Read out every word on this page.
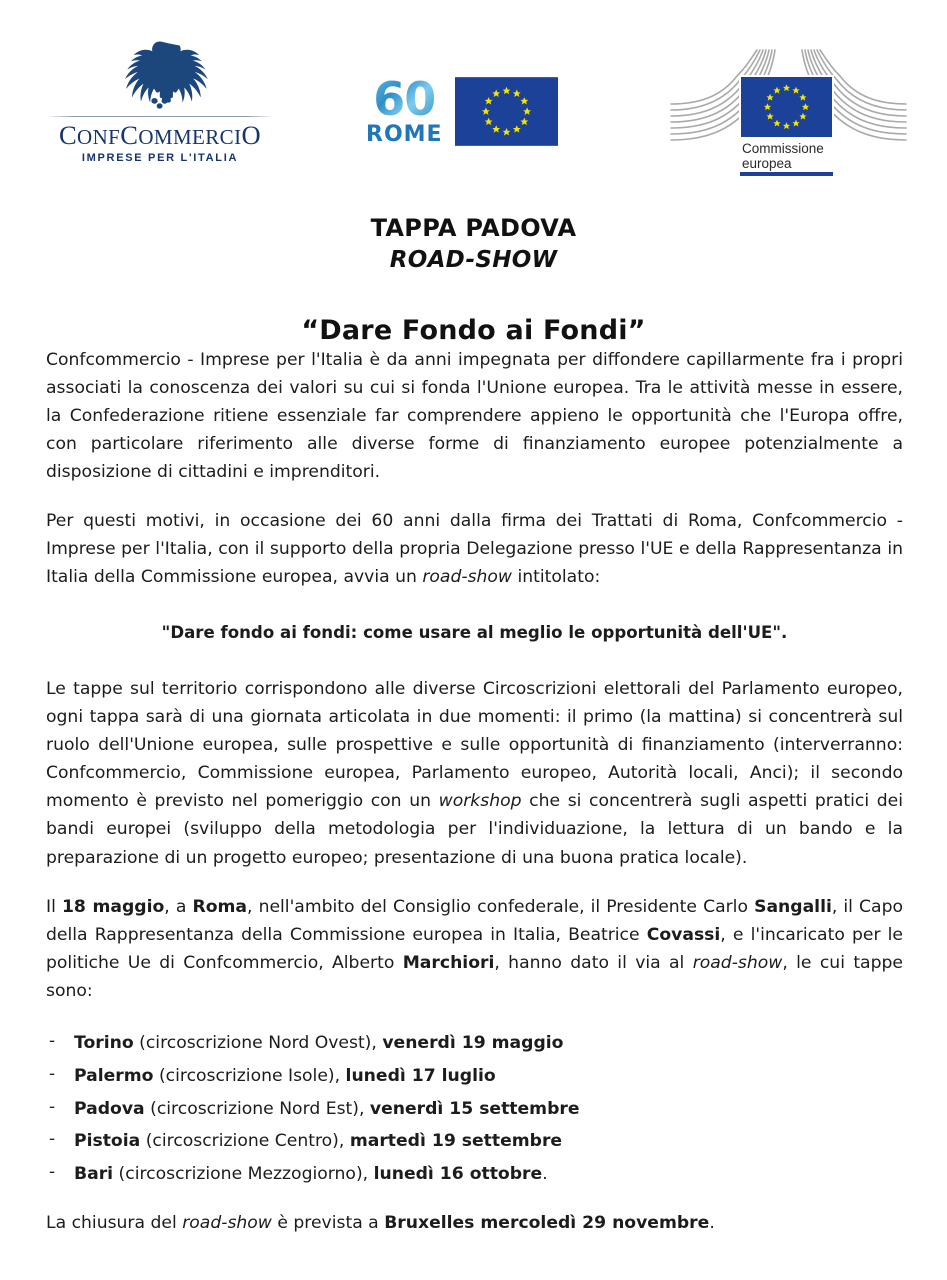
CONFCOMMERCIO
IMPRESE PER L'ITALIA
60
ROME
Commissione
europea
TAPPA PADOVA
ROAD-SHOW
“Dare Fondo ai Fondi”

Confcommercio - Imprese per l'Italia è da anni impegnata per diffondere capillarmente fra i propri associati la conoscenza dei valori su cui si fonda l'Unione europea. Tra le attività messe in essere, la Confederazione ritiene essenziale far comprendere appieno le opportunità che l'Europa offre, con particolare riferimento alle diverse forme di finanziamento europee potenzialmente a disposizione di cittadini e imprenditori.

Per questi motivi, in occasione dei 60 anni dalla firma dei Trattati di Roma, Confcommercio - Imprese per l'Italia, con il supporto della propria Delegazione presso l'UE e della Rappresentanza in Italia della Commissione europea, avvia un road-show intitolato:

"Dare fondo ai fondi: come usare al meglio le opportunità dell'UE".

Le tappe sul territorio corrispondono alle diverse Circoscrizioni elettorali del Parlamento europeo, ogni tappa sarà di una giornata articolata in due momenti: il primo (la mattina) si concentrerà sul ruolo dell'Unione europea, sulle prospettive e sulle opportunità di finanziamento (interverranno: Confcommercio, Commissione europea, Parlamento europeo, Autorità locali, Anci); il secondo momento è previsto nel pomeriggio con un workshop che si concentrerà sugli aspetti pratici dei bandi europei (sviluppo della metodologia per l'individuazione, la lettura di un bando e la preparazione di un progetto europeo; presentazione di una buona pratica locale).

Il 18 maggio, a Roma, nell'ambito del Consiglio confederale, il Presidente Carlo Sangalli, il Capo della Rappresentanza della Commissione europea in Italia, Beatrice Covassi, e l'incaricato per le politiche Ue di Confcommercio, Alberto Marchiori, hanno dato il via al road-show, le cui tappe sono:

- Torino (circoscrizione Nord Ovest), venerdì 19 maggio
- Palermo (circoscrizione Isole), lunedì 17 luglio
- Padova (circoscrizione Nord Est), venerdì 15 settembre
- Pistoia (circoscrizione Centro), martedì 19 settembre
- Bari (circoscrizione Mezzogiorno), lunedì 16 ottobre.

La chiusura del road-show è prevista a Bruxelles mercoledì 29 novembre.
